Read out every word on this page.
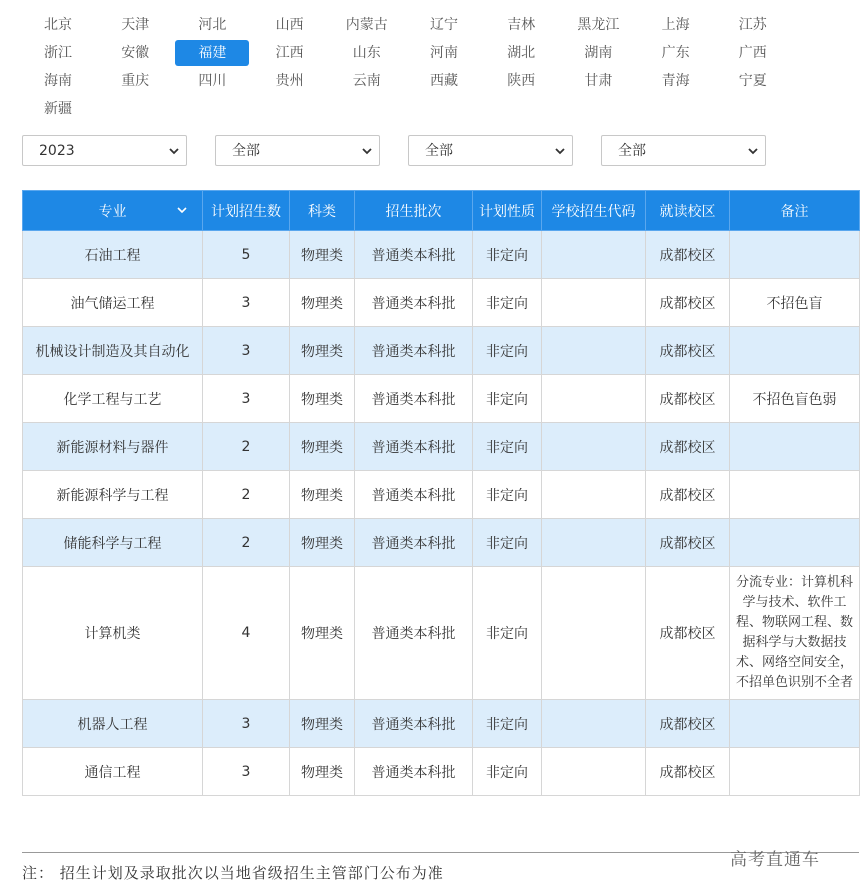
北京	天津	河北	山西	内蒙古	辽宁	吉林	黑龙江	上海	江苏
浙江	安徽	福建	江西	山东	河南	湖北	湖南	广东	广西
海南	重庆	四川	贵州	云南	西藏	陕西	甘肃	青海	宁夏
新疆
2023	全部	全部	全部
专业	计划招生数	科类	招生批次	计划性质	学校招生代码	就读校区	备注
石油工程	5	物理类	普通类本科批	非定向		成都校区	
油气储运工程	3	物理类	普通类本科批	非定向		成都校区	不招色盲
机械设计制造及其自动化	3	物理类	普通类本科批	非定向		成都校区	
化学工程与工艺	3	物理类	普通类本科批	非定向		成都校区	不招色盲色弱
新能源材料与器件	2	物理类	普通类本科批	非定向		成都校区	
新能源科学与工程	2	物理类	普通类本科批	非定向		成都校区	
储能科学与工程	2	物理类	普通类本科批	非定向		成都校区	
计算机类	4	物理类	普通类本科批	非定向		成都校区	分流专业：计算机科学与技术、软件工程、物联网工程、数据科学与大数据技术、网络空间安全，不招单色识别不全者
机器人工程	3	物理类	普通类本科批	非定向		成都校区	
通信工程	3	物理类	普通类本科批	非定向		成都校区	
注： 招生计划及录取批次以当地省级招生主管部门公布为准
高考直通车
